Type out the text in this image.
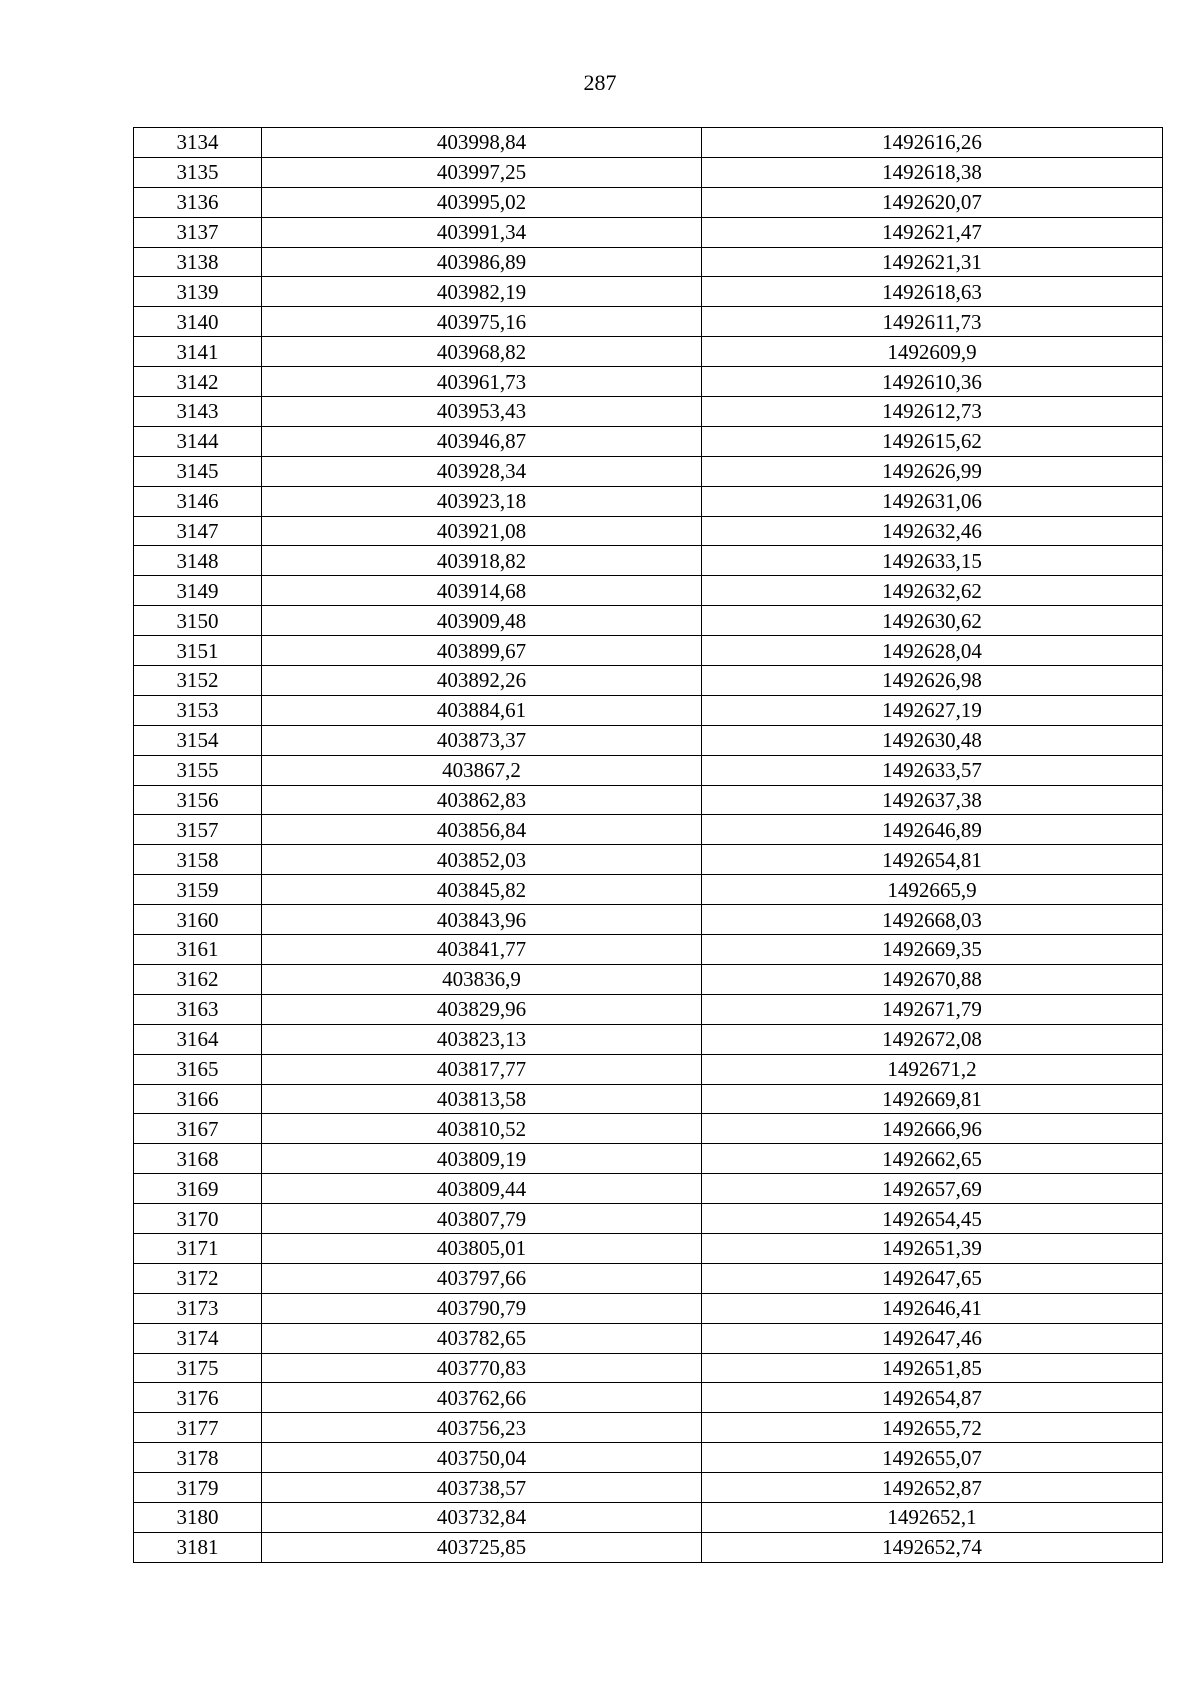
287
3134	403998,84	1492616,26
3135	403997,25	1492618,38
3136	403995,02	1492620,07
3137	403991,34	1492621,47
3138	403986,89	1492621,31
3139	403982,19	1492618,63
3140	403975,16	1492611,73
3141	403968,82	1492609,9
3142	403961,73	1492610,36
3143	403953,43	1492612,73
3144	403946,87	1492615,62
3145	403928,34	1492626,99
3146	403923,18	1492631,06
3147	403921,08	1492632,46
3148	403918,82	1492633,15
3149	403914,68	1492632,62
3150	403909,48	1492630,62
3151	403899,67	1492628,04
3152	403892,26	1492626,98
3153	403884,61	1492627,19
3154	403873,37	1492630,48
3155	403867,2	1492633,57
3156	403862,83	1492637,38
3157	403856,84	1492646,89
3158	403852,03	1492654,81
3159	403845,82	1492665,9
3160	403843,96	1492668,03
3161	403841,77	1492669,35
3162	403836,9	1492670,88
3163	403829,96	1492671,79
3164	403823,13	1492672,08
3165	403817,77	1492671,2
3166	403813,58	1492669,81
3167	403810,52	1492666,96
3168	403809,19	1492662,65
3169	403809,44	1492657,69
3170	403807,79	1492654,45
3171	403805,01	1492651,39
3172	403797,66	1492647,65
3173	403790,79	1492646,41
3174	403782,65	1492647,46
3175	403770,83	1492651,85
3176	403762,66	1492654,87
3177	403756,23	1492655,72
3178	403750,04	1492655,07
3179	403738,57	1492652,87
3180	403732,84	1492652,1
3181	403725,85	1492652,74
